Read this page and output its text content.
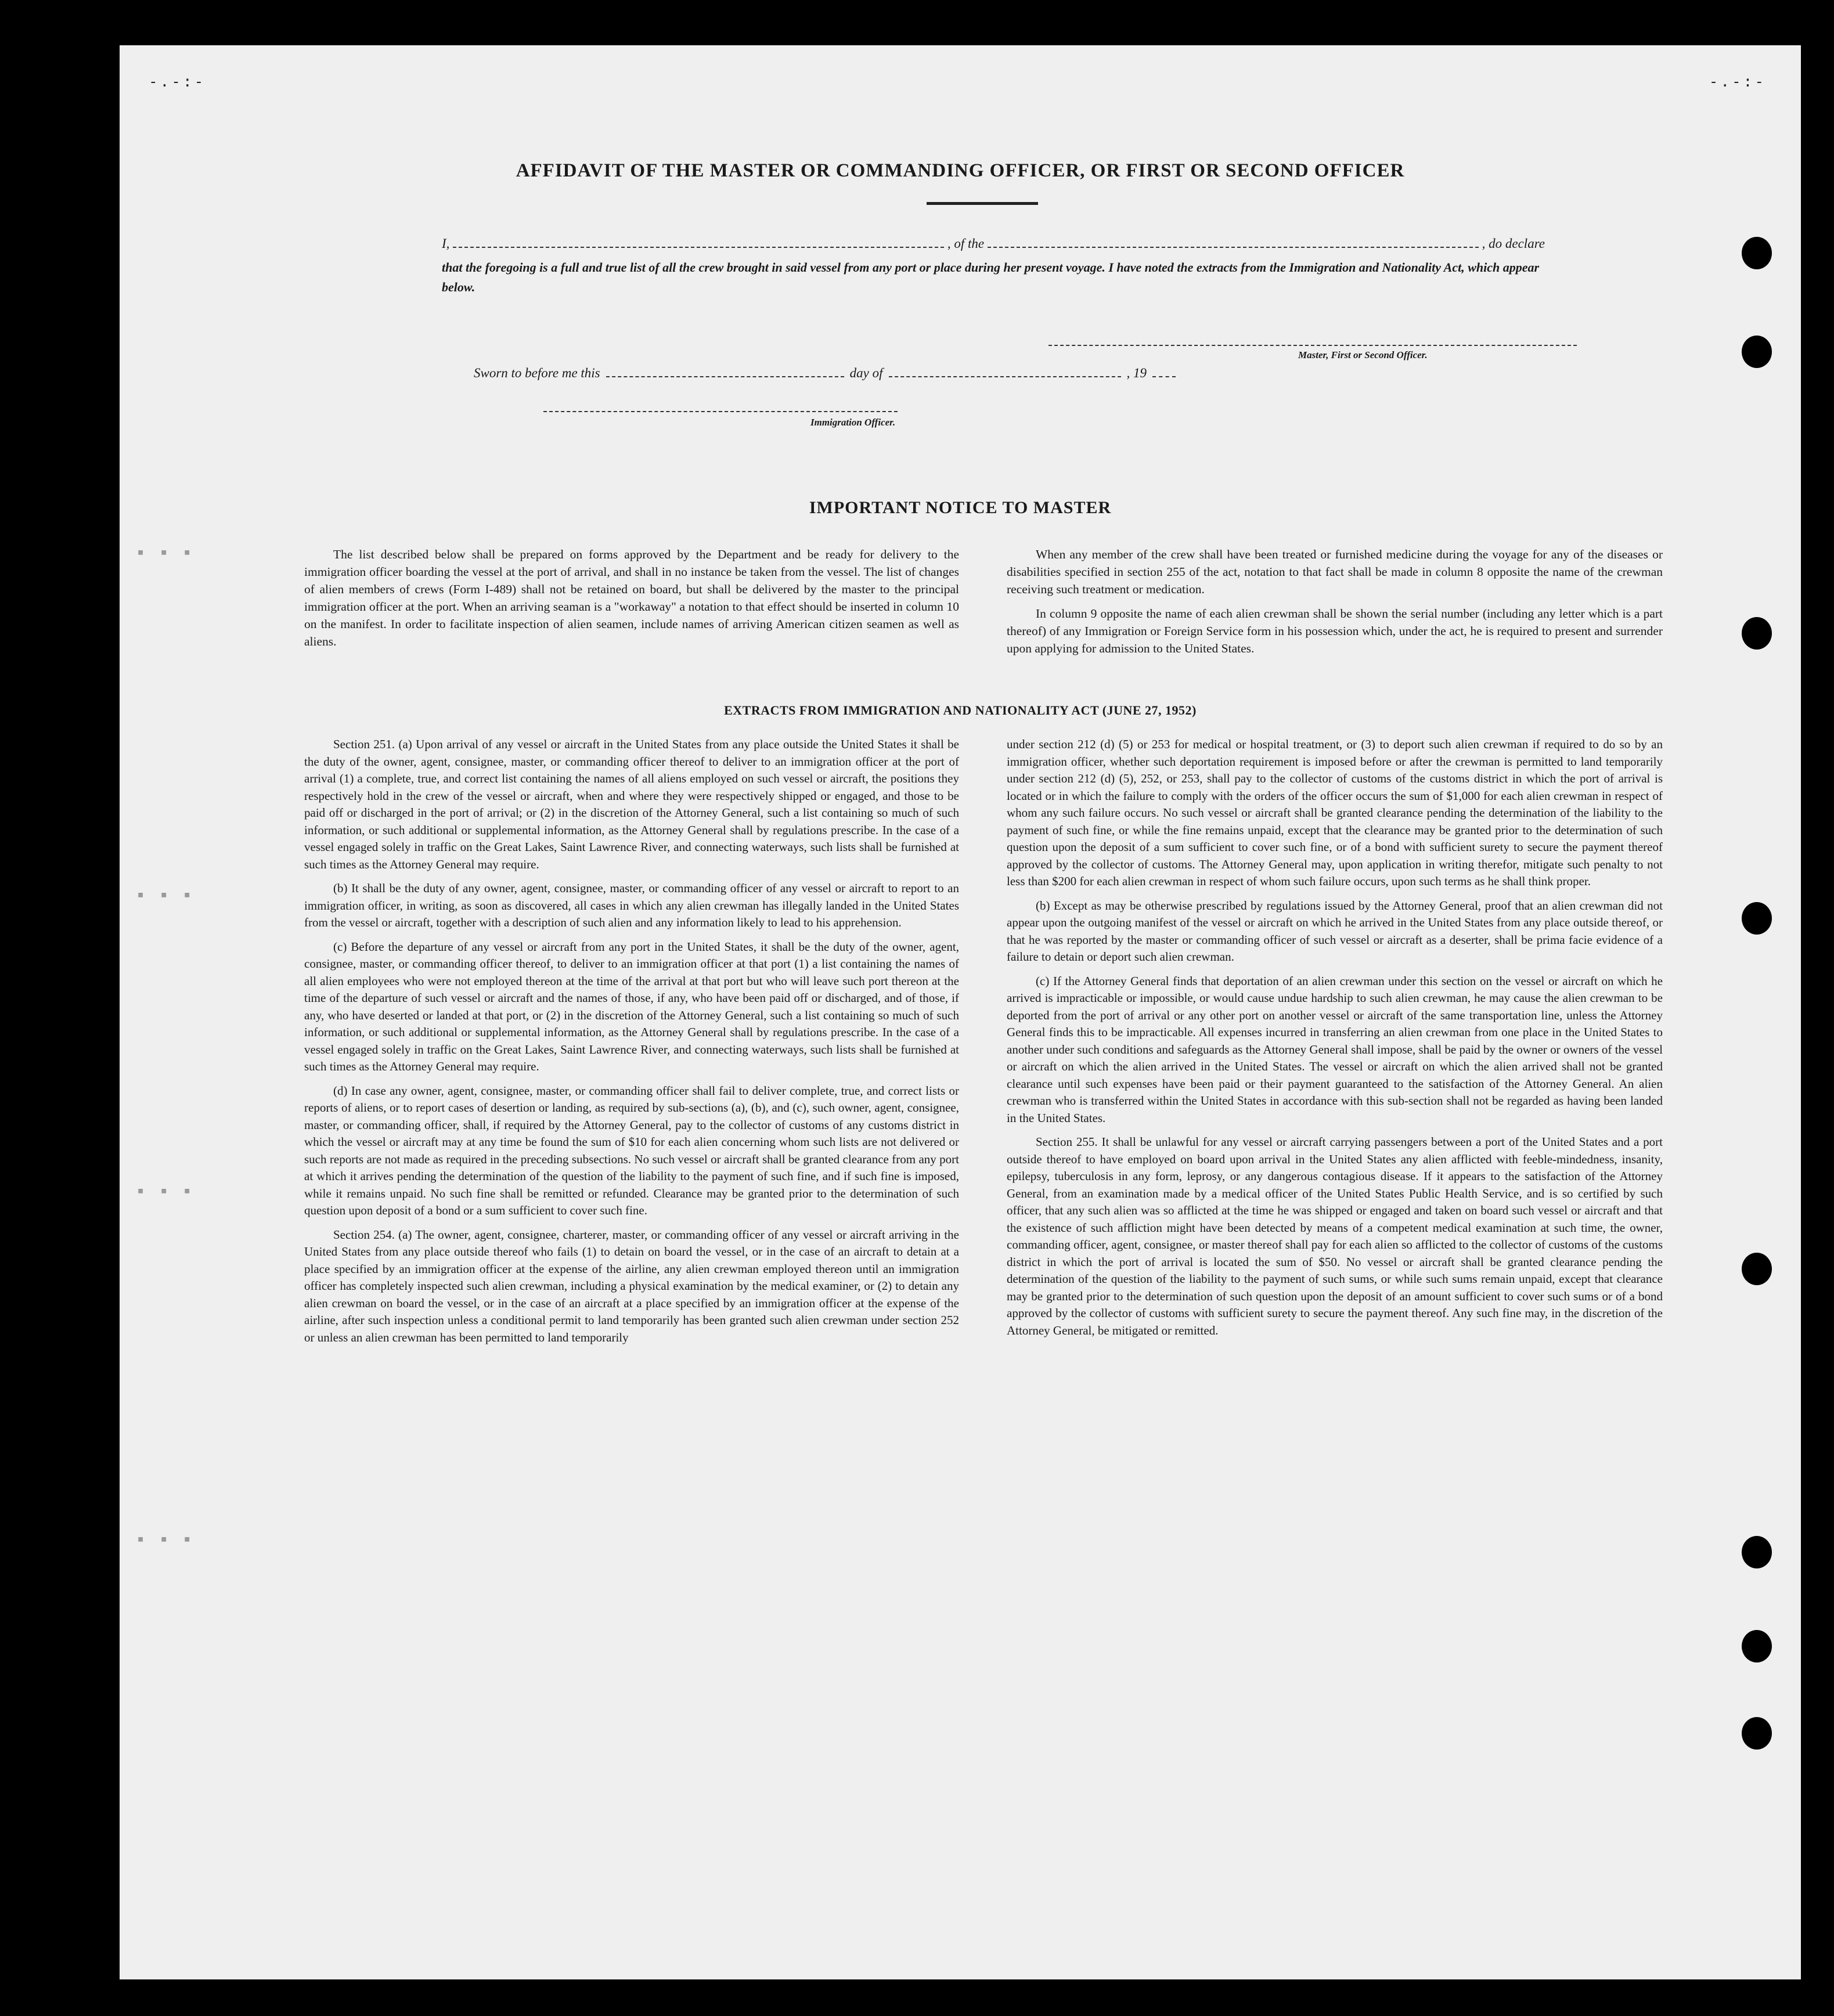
-.-:-	-.-:-
▪ ▪ ▪
▪ ▪ ▪
▪ ▪ ▪
▪ ▪ ▪
AFFIDAVIT OF THE MASTER OR COMMANDING OFFICER, OR FIRST OR SECOND OFFICER
I,	, of the	, do declare
that the foregoing is a full and true list of all the crew brought in said vessel from any port or place during her present voyage. I have noted the extracts from the Immigration and Nationality Act, which appear below.
Master, First or Second Officer.
Sworn to before me this	day of	, 19
Immigration Officer.
IMPORTANT NOTICE TO MASTER

The list described below shall be prepared on forms approved by the Department and be ready for delivery to the immigration officer boarding the vessel at the port of arrival, and shall in no instance be taken from the vessel. The list of changes of alien members of crews (Form I-489) shall not be retained on board, but shall be delivered by the master to the principal immigration officer at the port. When an arriving seaman is a "workaway" a notation to that effect should be inserted in column 10 on the manifest. In order to facilitate inspection of alien seamen, include names of arriving American citizen seamen as well as aliens.

When any member of the crew shall have been treated or furnished medicine during the voyage for any of the diseases or disabilities specified in section 255 of the act, notation to that fact shall be made in column 8 opposite the name of the crewman receiving such treatment or medication.

In column 9 opposite the name of each alien crewman shall be shown the serial number (including any letter which is a part thereof) of any Immigration or Foreign Service form in his possession which, under the act, he is required to present and surrender upon applying for admission to the United States.

EXTRACTS FROM IMMIGRATION AND NATIONALITY ACT (JUNE 27, 1952)

Section 251. (a) Upon arrival of any vessel or aircraft in the United States from any place outside the United States it shall be the duty of the owner, agent, consignee, master, or commanding officer thereof to deliver to an immigration officer at the port of arrival (1) a complete, true, and correct list containing the names of all aliens employed on such vessel or aircraft, the positions they respectively hold in the crew of the vessel or aircraft, when and where they were respectively shipped or engaged, and those to be paid off or discharged in the port of arrival; or (2) in the discretion of the Attorney General, such a list containing so much of such information, or such additional or supplemental information, as the Attorney General shall by regulations prescribe. In the case of a vessel engaged solely in traffic on the Great Lakes, Saint Lawrence River, and connecting waterways, such lists shall be furnished at such times as the Attorney General may require.

(b) It shall be the duty of any owner, agent, consignee, master, or commanding officer of any vessel or aircraft to report to an immigration officer, in writing, as soon as discovered, all cases in which any alien crewman has illegally landed in the United States from the vessel or aircraft, together with a description of such alien and any information likely to lead to his apprehension.

(c) Before the departure of any vessel or aircraft from any port in the United States, it shall be the duty of the owner, agent, consignee, master, or commanding officer thereof, to deliver to an immigration officer at that port (1) a list containing the names of all alien employees who were not employed thereon at the time of the arrival at that port but who will leave such port thereon at the time of the departure of such vessel or aircraft and the names of those, if any, who have been paid off or discharged, and of those, if any, who have deserted or landed at that port, or (2) in the discretion of the Attorney General, such a list containing so much of such information, or such additional or supplemental information, as the Attorney General shall by regulations prescribe. In the case of a vessel engaged solely in traffic on the Great Lakes, Saint Lawrence River, and connecting waterways, such lists shall be furnished at such times as the Attorney General may require.

(d) In case any owner, agent, consignee, master, or commanding officer shall fail to deliver complete, true, and correct lists or reports of aliens, or to report cases of desertion or landing, as required by sub-sections (a), (b), and (c), such owner, agent, consignee, master, or commanding officer, shall, if required by the Attorney General, pay to the collector of customs of any customs district in which the vessel or aircraft may at any time be found the sum of $10 for each alien concerning whom such lists are not delivered or such reports are not made as required in the preceding subsections. No such vessel or aircraft shall be granted clearance from any port at which it arrives pending the determination of the question of the liability to the payment of such fine, and if such fine is imposed, while it remains unpaid. No such fine shall be remitted or refunded. Clearance may be granted prior to the determination of such question upon deposit of a bond or a sum sufficient to cover such fine.

Section 254. (a) The owner, agent, consignee, charterer, master, or commanding officer of any vessel or aircraft arriving in the United States from any place outside thereof who fails (1) to detain on board the vessel, or in the case of an aircraft to detain at a place specified by an immigration officer at the expense of the airline, any alien crewman employed thereon until an immigration officer has completely inspected such alien crewman, including a physical examination by the medical examiner, or (2) to detain any alien crewman on board the vessel, or in the case of an aircraft at a place specified by an immigration officer at the expense of the airline, after such inspection unless a conditional permit to land temporarily has been granted such alien crewman under section 252 or unless an alien crewman has been permitted to land temporarily

under section 212 (d) (5) or 253 for medical or hospital treatment, or (3) to deport such alien crewman if required to do so by an immigration officer, whether such deportation requirement is imposed before or after the crewman is permitted to land temporarily under section 212 (d) (5), 252, or 253, shall pay to the collector of customs of the customs district in which the port of arrival is located or in which the failure to comply with the orders of the officer occurs the sum of $1,000 for each alien crewman in respect of whom any such failure occurs. No such vessel or aircraft shall be granted clearance pending the determination of the liability to the payment of such fine, or while the fine remains unpaid, except that the clearance may be granted prior to the determination of such question upon the deposit of a sum sufficient to cover such fine, or of a bond with sufficient surety to secure the payment thereof approved by the collector of customs. The Attorney General may, upon application in writing therefor, mitigate such penalty to not less than $200 for each alien crewman in respect of whom such failure occurs, upon such terms as he shall think proper.

(b) Except as may be otherwise prescribed by regulations issued by the Attorney General, proof that an alien crewman did not appear upon the outgoing manifest of the vessel or aircraft on which he arrived in the United States from any place outside thereof, or that he was reported by the master or commanding officer of such vessel or aircraft as a deserter, shall be prima facie evidence of a failure to detain or deport such alien crewman.

(c) If the Attorney General finds that deportation of an alien crewman under this section on the vessel or aircraft on which he arrived is impracticable or impossible, or would cause undue hardship to such alien crewman, he may cause the alien crewman to be deported from the port of arrival or any other port on another vessel or aircraft of the same transportation line, unless the Attorney General finds this to be impracticable. All expenses incurred in transferring an alien crewman from one place in the United States to another under such conditions and safeguards as the Attorney General shall impose, shall be paid by the owner or owners of the vessel or aircraft on which the alien arrived in the United States. The vessel or aircraft on which the alien arrived shall not be granted clearance until such expenses have been paid or their payment guaranteed to the satisfaction of the Attorney General. An alien crewman who is transferred within the United States in accordance with this sub-section shall not be regarded as having been landed in the United States.

Section 255. It shall be unlawful for any vessel or aircraft carrying passengers between a port of the United States and a port outside thereof to have employed on board upon arrival in the United States any alien afflicted with feeble-mindedness, insanity, epilepsy, tuberculosis in any form, leprosy, or any dangerous contagious disease. If it appears to the satisfaction of the Attorney General, from an examination made by a medical officer of the United States Public Health Service, and is so certified by such officer, that any such alien was so afflicted at the time he was shipped or engaged and taken on board such vessel or aircraft and that the existence of such affliction might have been detected by means of a competent medical examination at such time, the owner, commanding officer, agent, consignee, or master thereof shall pay for each alien so afflicted to the collector of customs of the customs district in which the port of arrival is located the sum of $50. No vessel or aircraft shall be granted clearance pending the determination of the question of the liability to the payment of such sums, or while such sums remain unpaid, except that clearance may be granted prior to the determination of such question upon the deposit of an amount sufficient to cover such sums or of a bond approved by the collector of customs with sufficient surety to secure the payment thereof. Any such fine may, in the discretion of the Attorney General, be mitigated or remitted.
